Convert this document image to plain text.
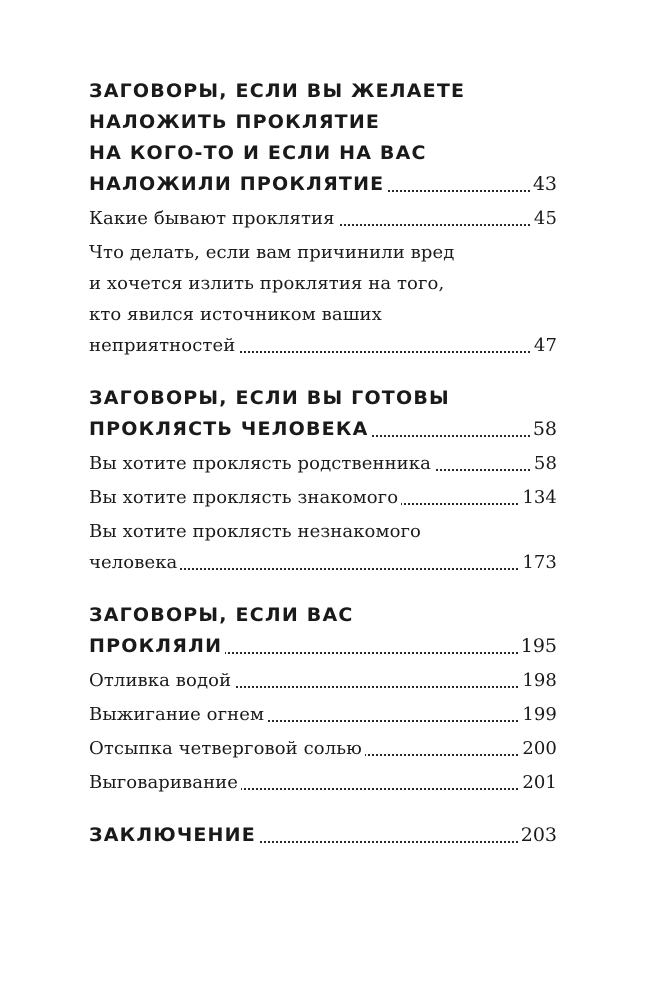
ЗАГОВОРЫ, ЕСЛИ ВЫ ЖЕЛАЕТЕ
НАЛОЖИТЬ ПРОКЛЯТИЕ
НА КОГО-ТО И ЕСЛИ НА ВАС
НАЛОЖИЛИ ПРОКЛЯТИЕ	43
Какие бывают проклятия	45
Что делать, если вам причинили вред
и хочется излить проклятия на того,
кто явился источником ваших
неприятностей	47
ЗАГОВОРЫ, ЕСЛИ ВЫ ГОТОВЫ
ПРОКЛЯСТЬ ЧЕЛОВЕКА	58
Вы хотите проклясть родственника	58
Вы хотите проклясть знакомого	134
Вы хотите проклясть незнакомого
человека	173
ЗАГОВОРЫ, ЕСЛИ ВАС
ПРОКЛЯЛИ	195
Отливка водой	198
Выжигание огнем	199
Отсыпка четверговой солью	200
Выговаривание	201
ЗАКЛЮЧЕНИЕ	203
